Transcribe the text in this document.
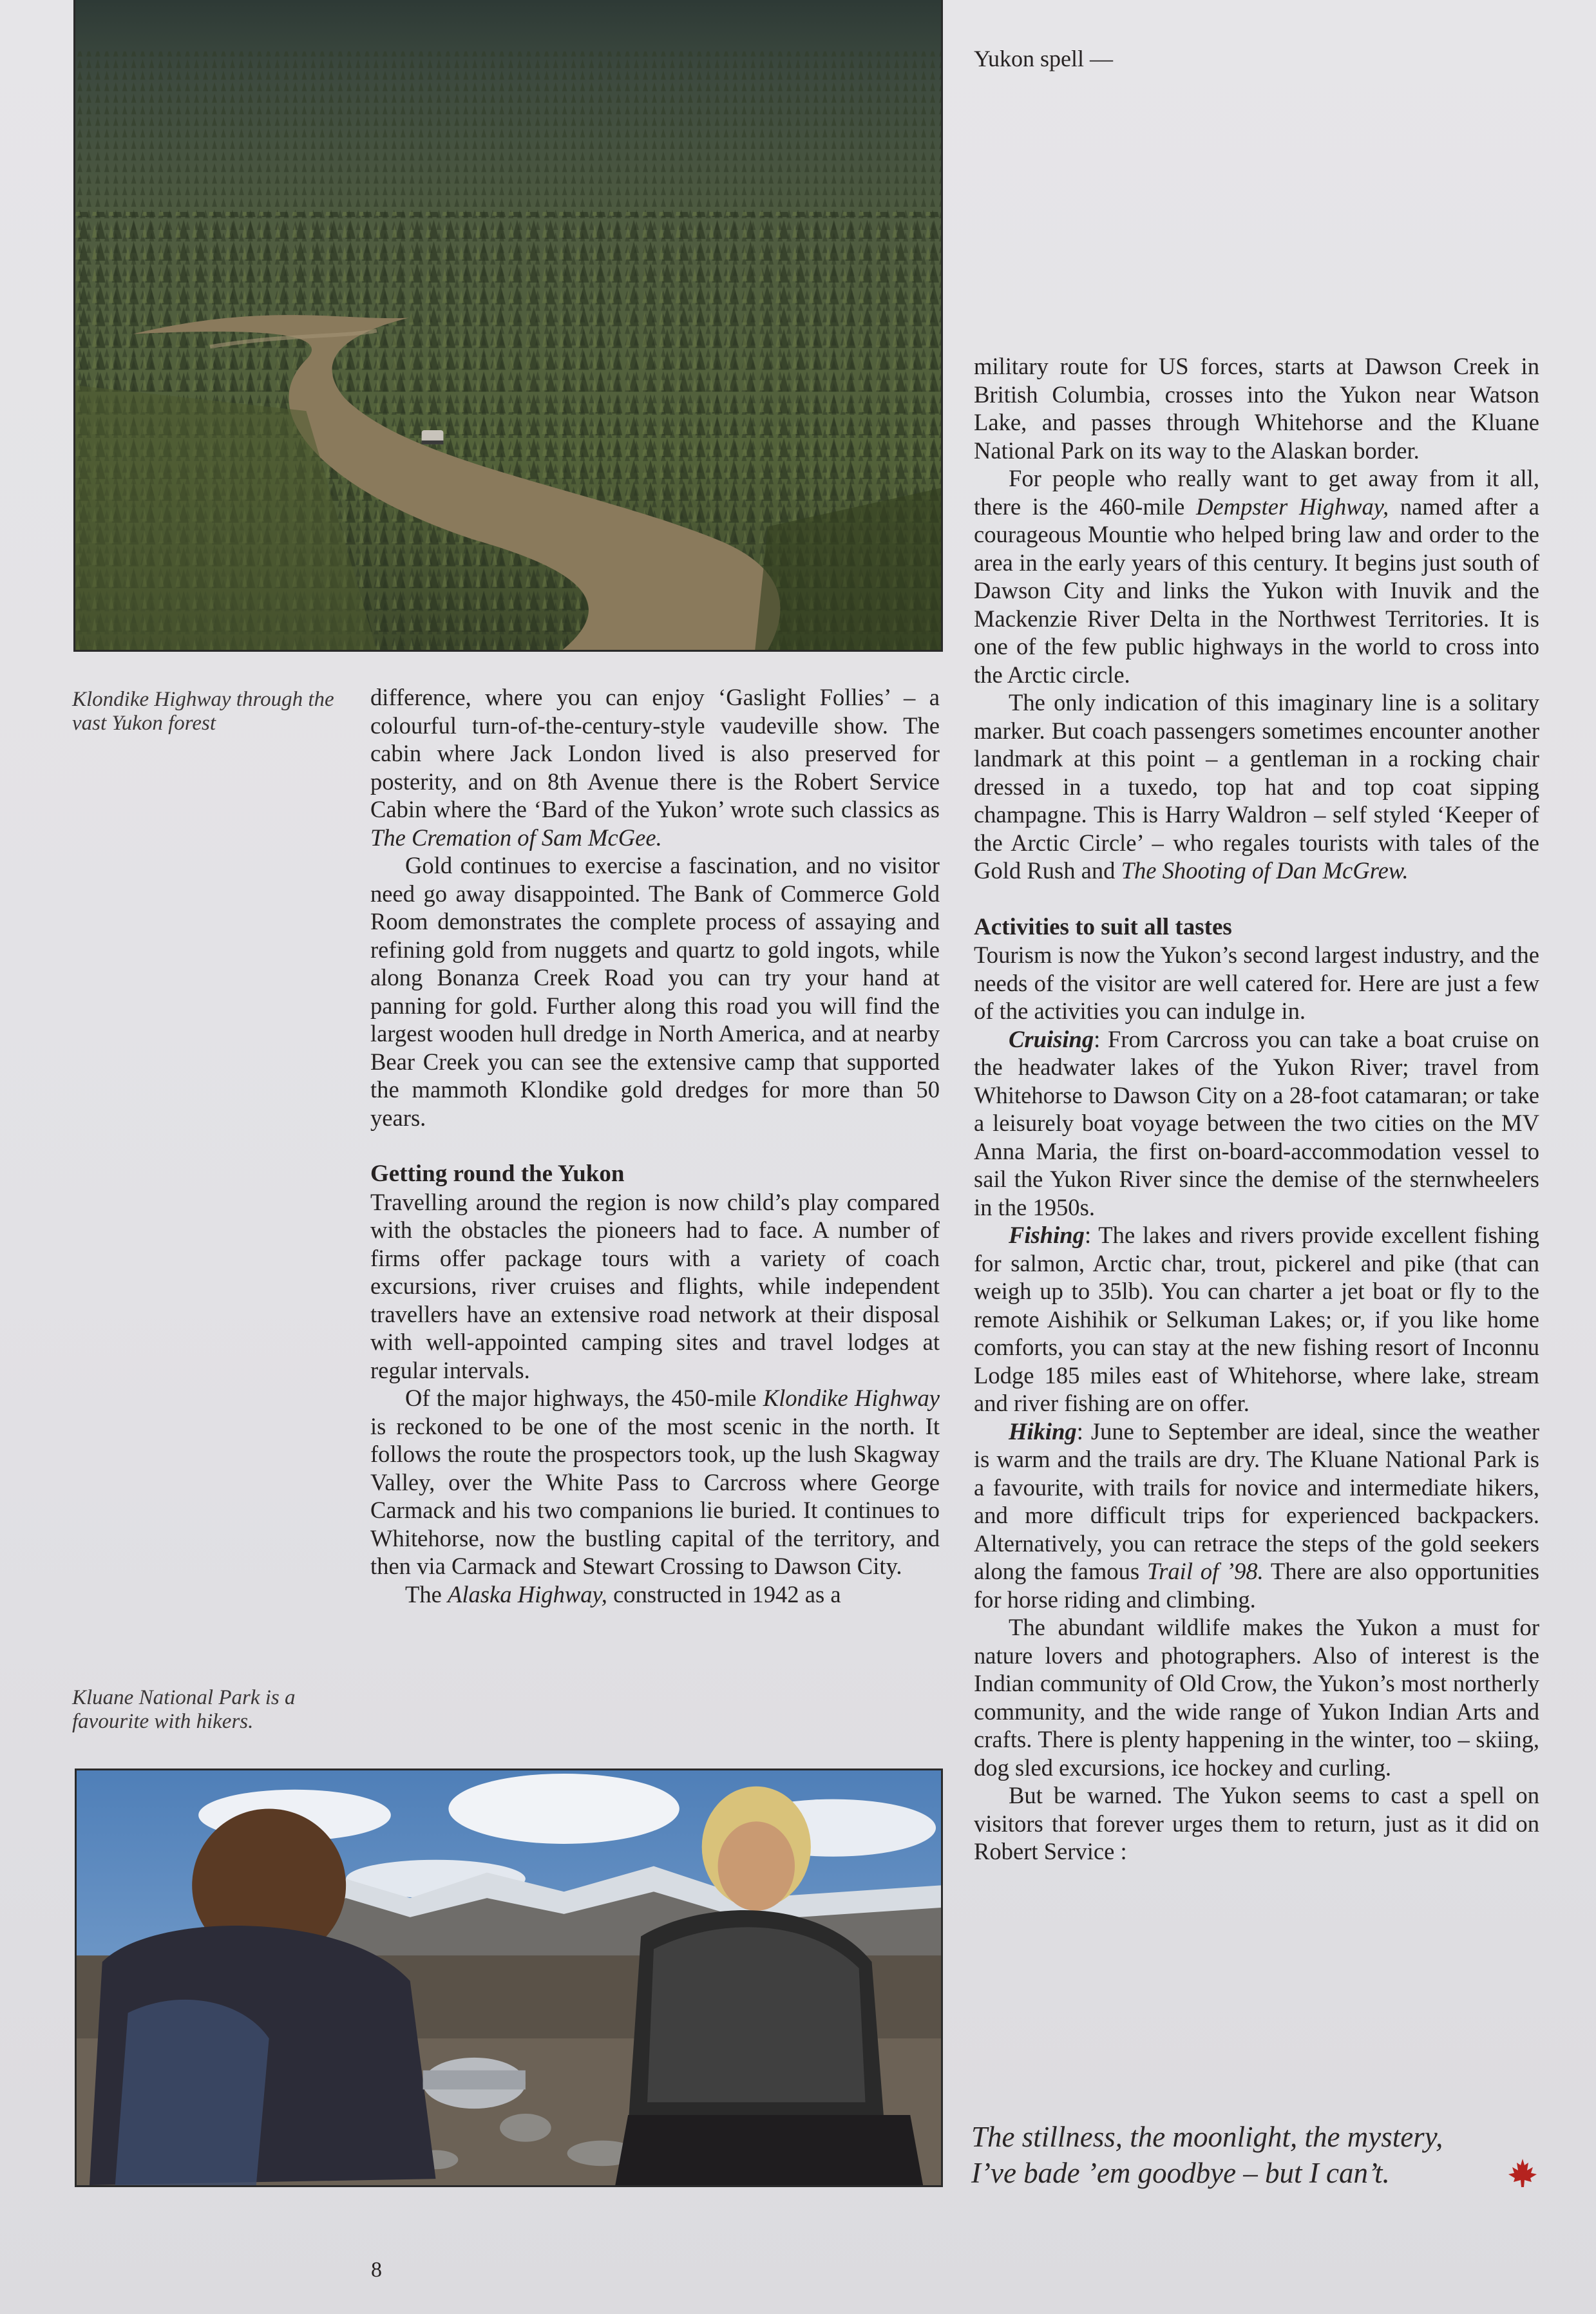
Yukon spell —
Klondike Highway through the vast Yukon forest
Kluane National Park is a favourite with hikers.

difference, where you can enjoy ‘Gaslight Follies’ – a colourful turn-of-the-century-style vaudeville show. The cabin where Jack London lived is also preserved for posterity, and on 8th Avenue there is the Robert Service Cabin where the ‘Bard of the Yukon’ wrote such classics as The Cremation of Sam McGee.

Gold continues to exercise a fascination, and no visitor need go away disappointed. The Bank of Commerce Gold Room demonstrates the complete process of assaying and refining gold from nuggets and quartz to gold ingots, while along Bonanza Creek Road you can try your hand at panning for gold. Further along this road you will find the largest wooden hull dredge in North America, and at nearby Bear Creek you can see the extensive camp that supported the mammoth Klondike gold dredges for more than 50 years.

Getting round the Yukon

Travelling around the region is now child’s play compared with the obstacles the pioneers had to face. A number of firms offer package tours with a variety of coach excursions, river cruises and flights, while independent travellers have an extensive road network at their disposal with well-appointed camping sites and travel lodges at regular intervals.

Of the major highways, the 450-mile Klondike Highway is reckoned to be one of the most scenic in the north. It follows the route the prospectors took, up the lush Skagway Valley, over the White Pass to Carcross where George Carmack and his two companions lie buried. It continues to Whitehorse, now the bustling capital of the territory, and then via Carmack and Stewart Crossing to Dawson City.

The Alaska Highway, constructed in 1942 as a

military route for US forces, starts at Dawson Creek in British Columbia, crosses into the Yukon near Watson Lake, and passes through Whitehorse and the Kluane National Park on its way to the Alaskan border.

For people who really want to get away from it all, there is the 460-mile Dempster Highway, named after a courageous Mountie who helped bring law and order to the area in the early years of this century. It begins just south of Dawson City and links the Yukon with Inuvik and the Mackenzie River Delta in the Northwest Territories. It is one of the few public highways in the world to cross into the Arctic circle.

The only indication of this imaginary line is a solitary marker. But coach passengers sometimes encounter another landmark at this point – a gentleman in a rocking chair dressed in a tuxedo, top hat and top coat sipping champagne. This is Harry Waldron – self styled ‘Keeper of the Arctic Circle’ – who regales tourists with tales of the Gold Rush and The Shooting of Dan McGrew.

Activities to suit all tastes

Tourism is now the Yukon’s second largest industry, and the needs of the visitor are well catered for. Here are just a few of the activities you can indulge in.

Cruising: From Carcross you can take a boat cruise on the headwater lakes of the Yukon River; travel from Whitehorse to Dawson City on a 28-foot catamaran; or take a leisurely boat voyage between the two cities on the MV Anna Maria, the first on-board-accommodation vessel to sail the Yukon River since the demise of the sternwheelers in the 1950s.

Fishing: The lakes and rivers provide excellent fishing for salmon, Arctic char, trout, pickerel and pike (that can weigh up to 35lb). You can charter a jet boat or fly to the remote Aishihik or Selkuman Lakes; or, if you like home comforts, you can stay at the new fishing resort of Inconnu Lodge 185 miles east of Whitehorse, where lake, stream and river fishing are on offer.

Hiking: June to September are ideal, since the weather is warm and the trails are dry. The Kluane National Park is a favourite, with trails for novice and intermediate hikers, and more difficult trips for experienced backpackers. Alternatively, you can retrace the steps of the gold seekers along the famous Trail of ’98. There are also opportunities for horse riding and climbing.

The abundant wildlife makes the Yukon a must for nature lovers and photographers. Also of interest is the Indian community of Old Crow, the Yukon’s most northerly community, and the wide range of Yukon Indian Arts and crafts. There is plenty happening in the winter, too – skiing, dog sled excursions, ice hockey and curling.

But be warned. The Yukon seems to cast a spell on visitors that forever urges them to return, just as it did on Robert Service :

The stillness, the moonlight, the mystery,
I’ve bade ’em goodbye – but I can’t.
8
